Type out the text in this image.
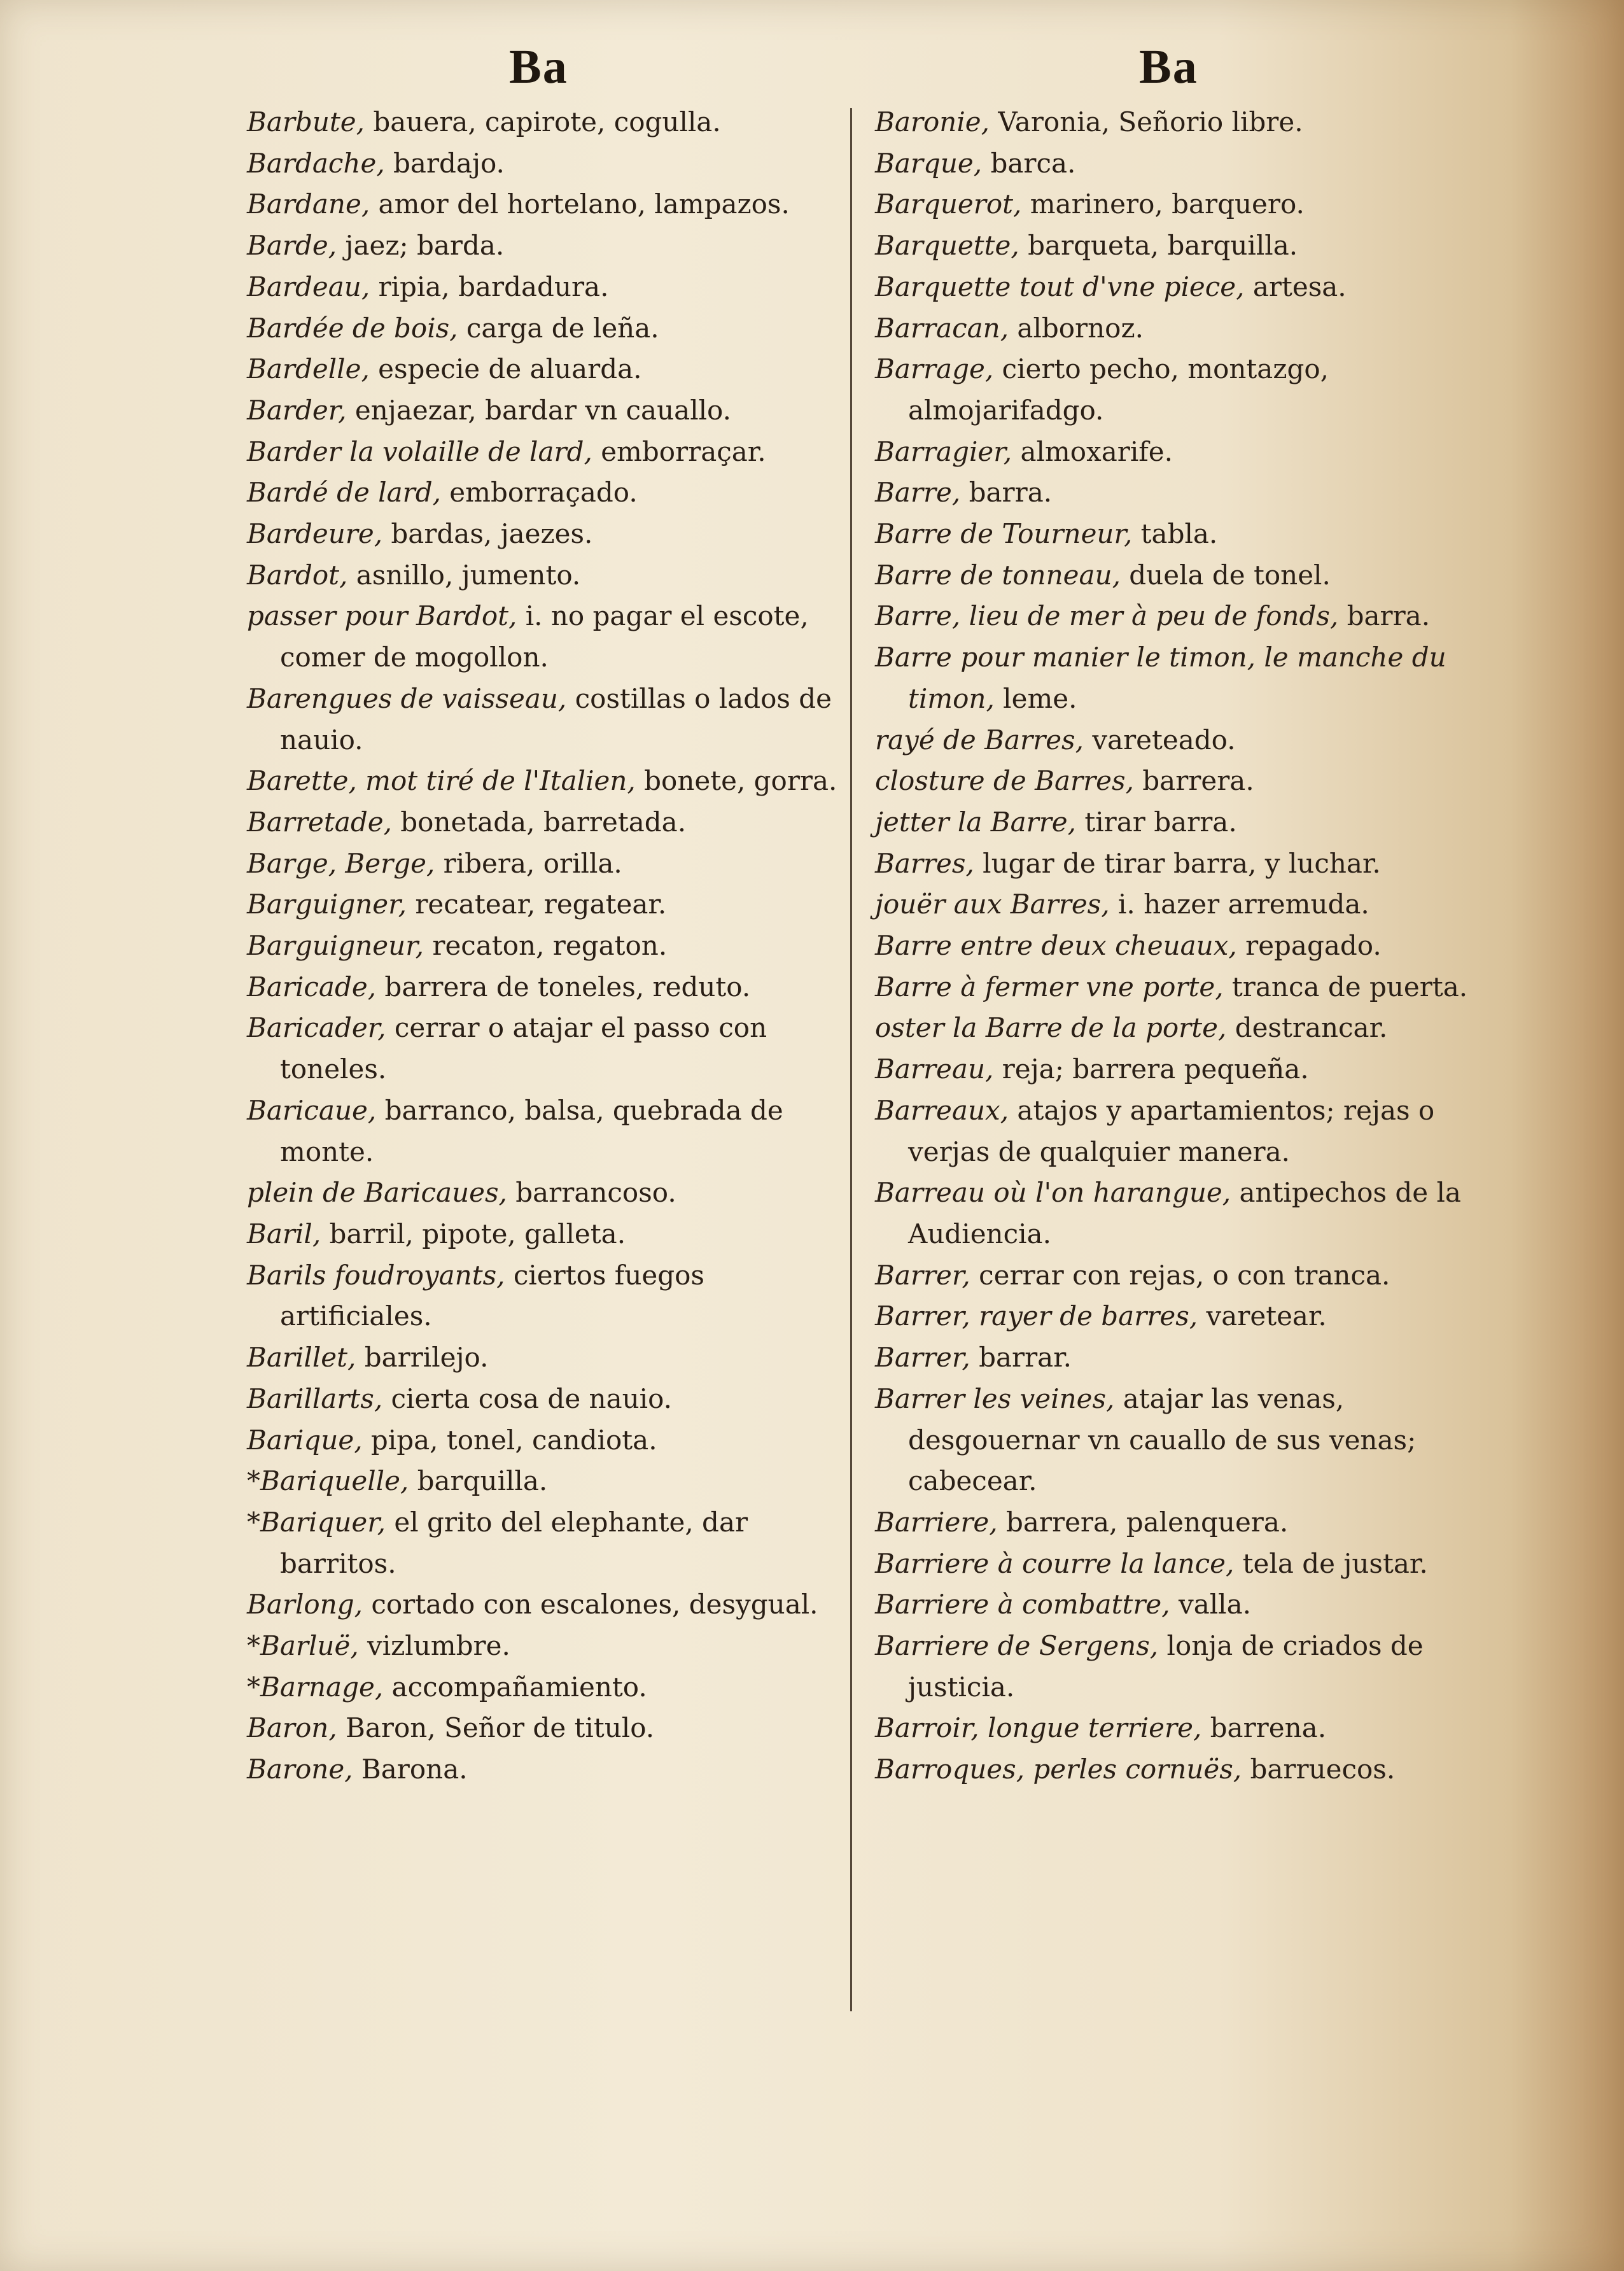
Ba	Ba

Barbute, bauera, capirote, cogulla.

Bardache, bardajo.

Bardane, amor del hortelano, lampazos.

Barde, jaez; barda.

Bardeau, ripia, bardadura.

Bardée de bois, carga de leña.

Bardelle, especie de aluarda.

Barder, enjaezar, bardar vn cauallo.

Barder la volaille de lard, emborraçar.

Bardé de lard, emborraçado.

Bardeure, bardas, jaezes.

Bardot, asnillo, jumento.

passer pour Bardot, i. no pagar el escote, comer de mogollon.

Barengues de vaisseau, costillas o lados de nauio.

Barette, mot tiré de l'Italien, bonete, gorra.

Barretade, bonetada, barretada.

Barge, Berge, ribera, orilla.

Barguigner, recatear, regatear.

Barguigneur, recaton, regaton.

Baricade, barrera de toneles, reduto.

Baricader, cerrar o atajar el passo con toneles.

Baricaue, barranco, balsa, quebrada de monte.

plein de Baricaues, barrancoso.

Baril, barril, pipote, galleta.

Barils foudroyants, ciertos fuegos artificiales.

Barillet, barrilejo.

Barillarts, cierta cosa de nauio.

Barique, pipa, tonel, candiota.

*Bariquelle, barquilla.

*Bariquer, el grito del elephante, dar barritos.

Barlong, cortado con escalones, desygual.

*Barluë, vizlumbre.

*Barnage, accompañamiento.

Baron, Baron, Señor de titulo.

Barone, Barona.

Baronie, Varonia, Señorio libre.

Barque, barca.

Barquerot, marinero, barquero.

Barquette, barqueta, barquilla.

Barquette tout d'vne piece, artesa.

Barracan, albornoz.

Barrage, cierto pecho, montazgo, almojarifadgo.

Barragier, almoxarife.

Barre, barra.

Barre de Tourneur, tabla.

Barre de tonneau, duela de tonel.

Barre, lieu de mer à peu de fonds, barra.

Barre pour manier le timon, le manche du timon, leme.

rayé de Barres, vareteado.

closture de Barres, barrera.

jetter la Barre, tirar barra.

Barres, lugar de tirar barra, y luchar.

jouër aux Barres, i. hazer arremuda.

Barre entre deux cheuaux, repagado.

Barre à fermer vne porte, tranca de puerta.

oster la Barre de la porte, destrancar.

Barreau, reja; barrera pequeña.

Barreaux, atajos y apartamientos; rejas o verjas de qualquier manera.

Barreau où l'on harangue, antipechos de la Audiencia.

Barrer, cerrar con rejas, o con tranca.

Barrer, rayer de barres, varetear.

Barrer, barrar.

Barrer les veines, atajar las venas, desgouernar vn cauallo de sus venas; cabecear.

Barriere, barrera, palenquera.

Barriere à courre la lance, tela de justar.

Barriere à combattre, valla.

Barriere de Sergens, lonja de criados de justicia.

Barroir, longue terriere, barrena.

Barroques, perles cornuës, barruecos.
